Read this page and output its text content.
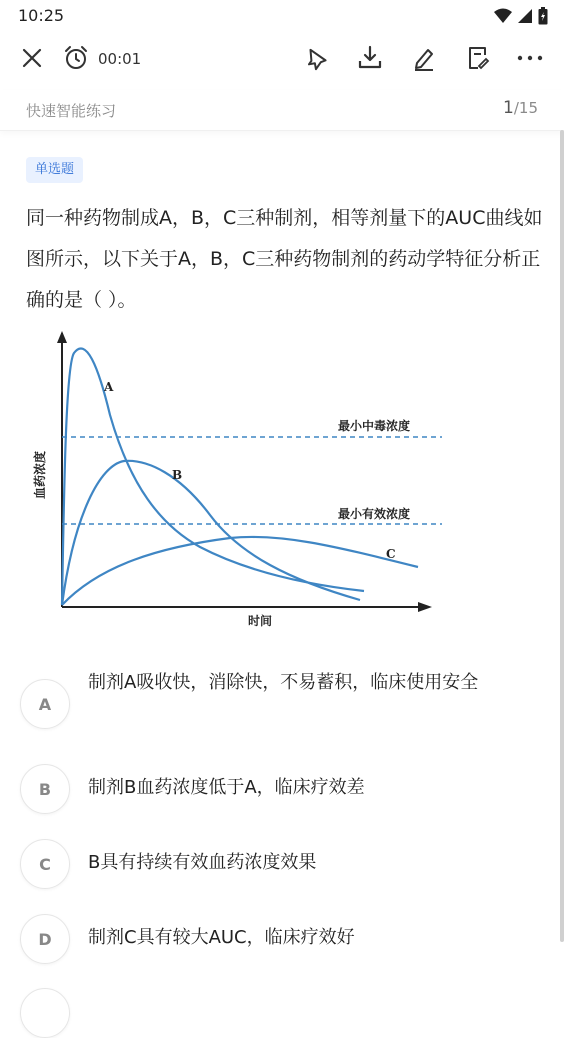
10:25
00:01
快速智能练习	1/15
单选题
同一种药物制成A，B，C三种制剂，相等剂量下的AUC曲线如图所示，以下关于A，B，C三种药物制剂的药动学特征分析正确的是（ ）。
A
B
C
最小中毒浓度
最小有效浓度
血药浓度
时间
A
制剂A吸收快，消除快，不易蓄积，临床使用安全
B	制剂B血药浓度低于A，临床疗效差
C	B具有持续有效血药浓度效果
D	制剂C具有较大AUC，临床疗效好
